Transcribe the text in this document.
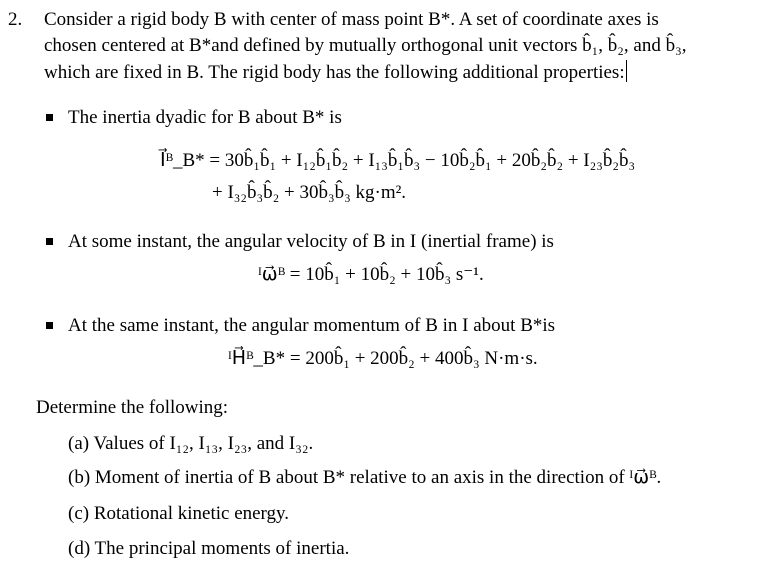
2. Consider a rigid body B with center of mass point B*. A set of coordinate axes is
chosen centered at B*and defined by mutually orthogonal unit vectors b̂₁, b̂₂, and b̂₃,
which are fixed in B. The rigid body has the following additional properties:
The inertia dyadic for B about B* is
I⃗ᴮ_B* = 30b̂₁b̂₁ + I₁₂b̂₁b̂₂ + I₁₃b̂₁b̂₃ − 10b̂₂b̂₁ + 20b̂₂b̂₂ + I₂₃b̂₂b̂₃
+ I₃₂b̂₃b̂₂ + 30b̂₃b̂₃ kg·m².
At some instant, the angular velocity of B in I (inertial frame) is
ᴵω⃗ᴮ = 10b̂₁ + 10b̂₂ + 10b̂₃ s⁻¹.
At the same instant, the angular momentum of B in I about B*is
ᴵH⃗ᴮ_B* = 200b̂₁ + 200b̂₂ + 400b̂₃ N·m·s.
Determine the following:
(a) Values of I₁₂, I₁₃, I₂₃, and I₃₂.
(b) Moment of inertia of B about B* relative to an axis in the direction of ᴵω⃗ᴮ.
(c) Rotational kinetic energy.
(d) The principal moments of inertia.
